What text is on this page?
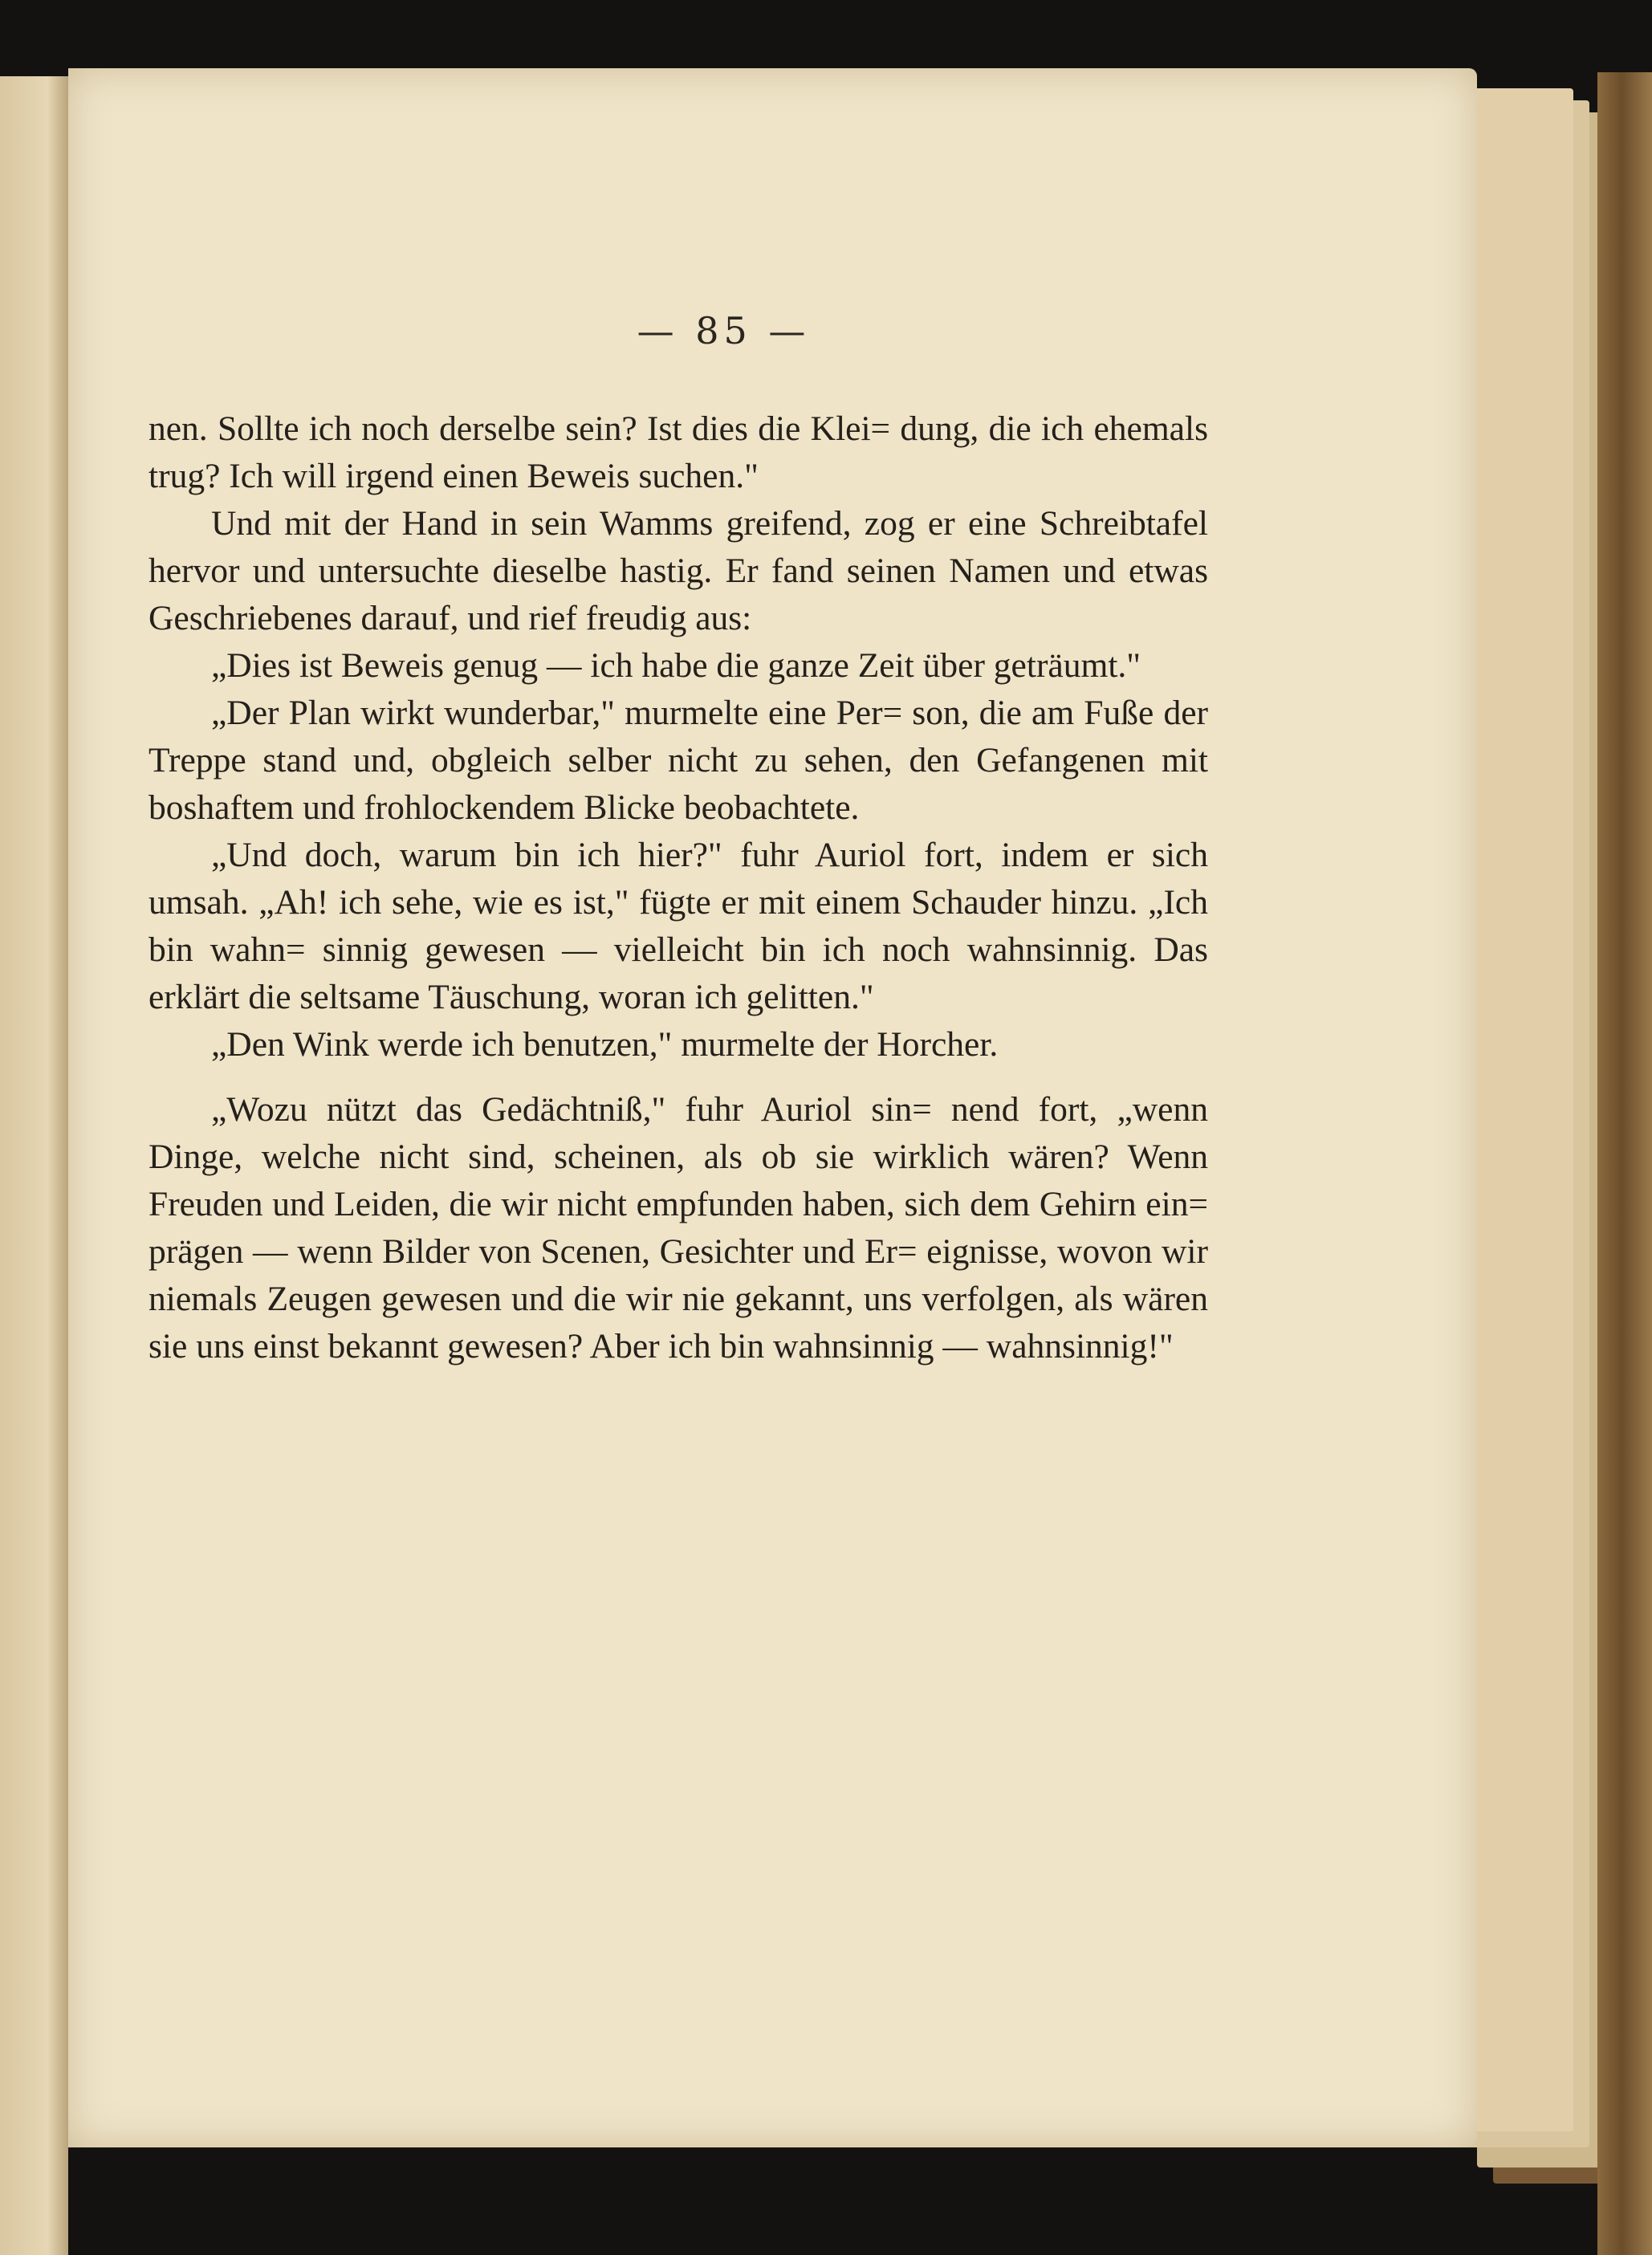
— 85 —

nen. Sollte ich noch derselbe sein? Ist dies die Klei= dung, die ich ehemals trug? Ich will irgend einen Beweis suchen."

Und mit der Hand in sein Wamms greifend, zog er eine Schreibtafel hervor und untersuchte dieselbe hastig. Er fand seinen Namen und etwas Geschriebenes darauf, und rief freudig aus:

„Dies ist Beweis genug — ich habe die ganze Zeit über geträumt."

„Der Plan wirkt wunderbar," murmelte eine Per= son, die am Fuße der Treppe stand und, obgleich selber nicht zu sehen, den Gefangenen mit boshaftem und frohlockendem Blicke beobachtete.

„Und doch, warum bin ich hier?" fuhr Auriol fort, indem er sich umsah. „Ah! ich sehe, wie es ist," fügte er mit einem Schauder hinzu. „Ich bin wahn= sinnig gewesen — vielleicht bin ich noch wahnsinnig. Das erklärt die seltsame Täuschung, woran ich gelitten."

„Den Wink werde ich benutzen," murmelte der Horcher.

„Wozu nützt das Gedächtniß," fuhr Auriol sin= nend fort, „wenn Dinge, welche nicht sind, scheinen, als ob sie wirklich wären? Wenn Freuden und Leiden, die wir nicht empfunden haben, sich dem Gehirn ein= prägen — wenn Bilder von Scenen, Gesichter und Er= eignisse, wovon wir niemals Zeugen gewesen und die wir nie gekannt, uns verfolgen, als wären sie uns einst bekannt gewesen? Aber ich bin wahnsinnig — wahnsinnig!"
